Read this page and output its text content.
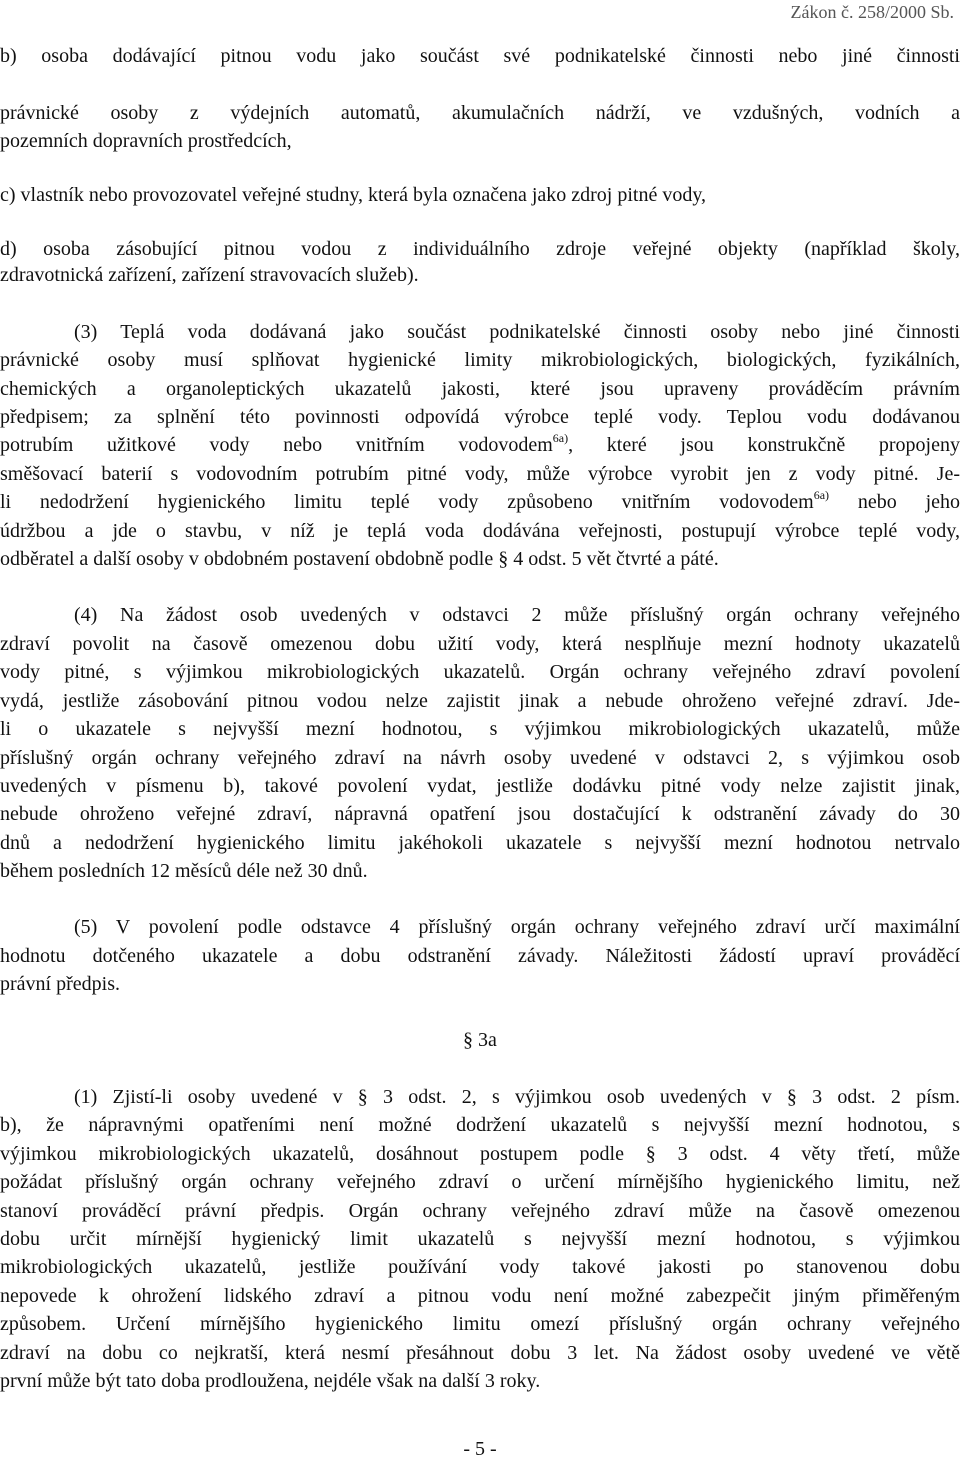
Zákon č. 258/2000 Sb.
b) osoba dodávající pitnou vodu jako součást své podnikatelské činnosti nebo jiné činnosti
právnické osoby z výdejních automatů, akumulačních nádrží, ve vzdušných, vodních a
pozemních dopravních prostředcích,
c) vlastník nebo provozovatel veřejné studny, která byla označena jako zdroj pitné vody,
d) osoba zásobující pitnou vodou z individuálního zdroje veřejné objekty (například školy,
zdravotnická zařízení, zařízení stravovacích služeb).
(3) Teplá voda dodávaná jako součást podnikatelské činnosti osoby nebo jiné činnosti
právnické osoby musí splňovat hygienické limity mikrobiologických, biologických, fyzikálních,
chemických a organoleptických ukazatelů jakosti, které jsou upraveny prováděcím právním
předpisem; za splnění této povinnosti odpovídá výrobce teplé vody. Teplou vodu dodávanou
potrubím užitkové vody nebo vnitřním vodovodem$^{6a)}$, které jsou konstrukčně propojeny
směšovací baterií s vodovodním potrubím pitné vody, může výrobce vyrobit jen z vody pitné. Je-
li nedodržení hygienického limitu teplé vody způsobeno vnitřním vodovodem$^{6a)}$ nebo jeho
údržbou a jde o stavbu, v níž je teplá voda dodávána veřejnosti, postupují výrobce teplé vody,
odběratel a další osoby v obdobném postavení obdobně podle § 4 odst. 5 vět čtvrté a páté.
(4) Na žádost osob uvedených v odstavci 2 může příslušný orgán ochrany veřejného
zdraví povolit na časově omezenou dobu užití vody, která nesplňuje mezní hodnoty ukazatelů
vody pitné, s výjimkou mikrobiologických ukazatelů. Orgán ochrany veřejného zdraví povolení
vydá, jestliže zásobování pitnou vodou nelze zajistit jinak a nebude ohroženo veřejné zdraví. Jde-
li o ukazatele s nejvyšší mezní hodnotou, s výjimkou mikrobiologických ukazatelů, může
příslušný orgán ochrany veřejného zdraví na návrh osoby uvedené v odstavci 2, s výjimkou osob
uvedených v písmenu b), takové povolení vydat, jestliže dodávku pitné vody nelze zajistit jinak,
nebude ohroženo veřejné zdraví, nápravná opatření jsou dostačující k odstranění závady do 30
dnů a nedodržení hygienického limitu jakéhokoli ukazatele s nejvyšší mezní hodnotou netrvalo
během posledních 12 měsíců déle než 30 dnů.
(5) V povolení podle odstavce 4 příslušný orgán ochrany veřejného zdraví určí maximální
hodnotu dotčeného ukazatele a dobu odstranění závady. Náležitosti žádostí upraví prováděcí
právní předpis.
§ 3a
(1) Zjistí-li osoby uvedené v § 3 odst. 2, s výjimkou osob uvedených v § 3 odst. 2 písm.
b), že nápravnými opatřeními není možné dodržení ukazatelů s nejvyšší mezní hodnotou, s
výjimkou mikrobiologických ukazatelů, dosáhnout postupem podle § 3 odst. 4 věty třetí, může
požádat příslušný orgán ochrany veřejného zdraví o určení mírnějšího hygienického limitu, než
stanoví prováděcí právní předpis. Orgán ochrany veřejného zdraví může na časově omezenou
dobu určit mírnější hygienický limit ukazatelů s nejvyšší mezní hodnotou, s výjimkou
mikrobiologických ukazatelů, jestliže používání vody takové jakosti po stanovenou dobu
nepovede k ohrožení lidského zdraví a pitnou vodu není možné zabezpečit jiným přiměřeným
způsobem. Určení mírnějšího hygienického limitu omezí příslušný orgán ochrany veřejného
zdraví na dobu co nejkratší, která nesmí přesáhnout dobu 3 let. Na žádost osoby uvedené ve větě
první může být tato doba prodloužena, nejdéle však na další 3 roky.
- 5 -
